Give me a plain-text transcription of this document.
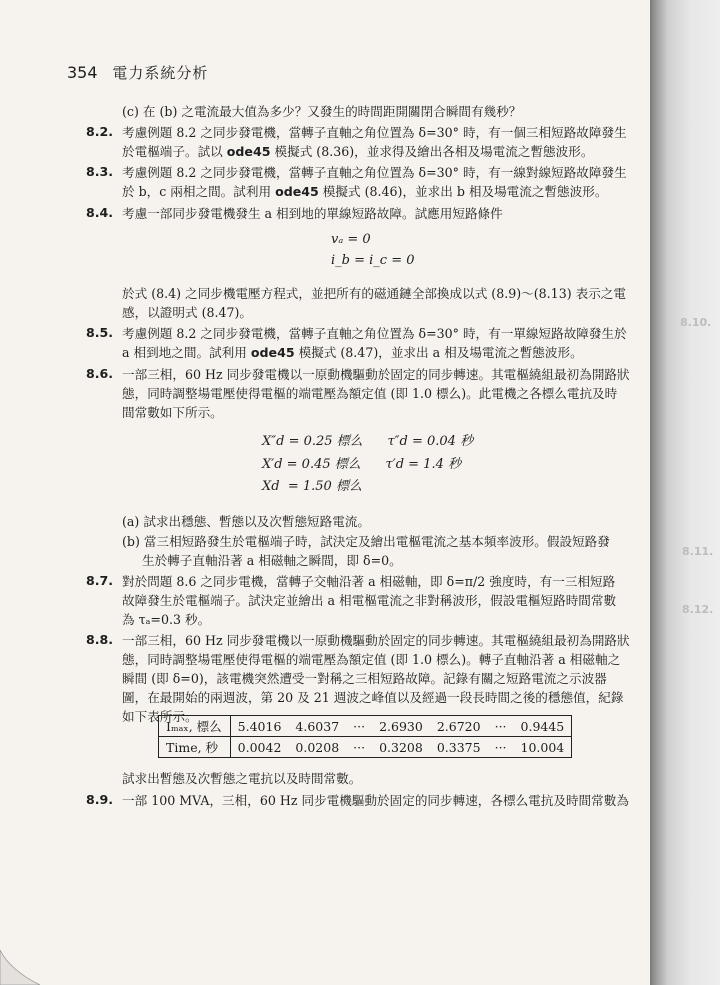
8.10.
8.11.
8.12.
354 電力系統分析
(c) 在 (b) 之電流最大值為多少？又發生的時間距開關閉合瞬間有幾秒？
8.2. 考慮例題 8.2 之同步發電機，當轉子直軸之角位置為 δ=30° 時，有一個三相短路故障發生
於電樞端子。試以 ode45 模擬式 (8.36)，並求得及繪出各相及場電流之暫態波形。
8.3. 考慮例題 8.2 之同步發電機，當轉子直軸之角位置為 δ=30° 時，有一線對線短路故障發生
於 b，c 兩相之間。試利用 ode45 模擬式 (8.46)，並求出 b 相及場電流之暫態波形。
8.4. 考慮一部同步發電機發生 a 相到地的單線短路故障。試應用短路條件
vₐ = 0
i_b = i_c = 0
於式 (8.4) 之同步機電壓方程式，並把所有的磁通鏈全部換成以式 (8.9)～(8.13) 表示之電
感，以證明式 (8.47)。
8.5. 考慮例題 8.2 之同步發電機，當轉子直軸之角位置為 δ=30° 時，有一單線短路故障發生於
a 相到地之間。試利用 ode45 模擬式 (8.47)，並求出 a 相及場電流之暫態波形。
8.6. 一部三相，60 Hz 同步發電機以一原動機驅動於固定的同步轉速。其電樞繞組最初為開路狀
態，同時調整場電壓使得電樞的端電壓為額定值 (即 1.0 標么)。此電機之各標么電抗及時
間常數如下所示。
X″d = 0.25 標么      τ″d = 0.04 秒
X′d = 0.45 標么      τ′d = 1.4 秒
Xd  = 1.50 標么
(a) 試求出穩態、暫態以及次暫態短路電流。
(b) 當三相短路發生於電樞端子時，試決定及繪出電樞電流之基本頻率波形。假設短路發
生於轉子直軸沿著 a 相磁軸之瞬間，即 δ=0。
8.7. 對於問題 8.6 之同步電機，當轉子交軸沿著 a 相磁軸，即 δ=π/2 強度時，有一三相短路
故障發生於電樞端子。試決定並繪出 a 相電樞電流之非對稱波形，假設電樞短路時間常數
為 τₐ=0.3 秒。
8.8. 一部三相，60 Hz 同步發電機以一原動機驅動於固定的同步轉速。其電樞繞組最初為開路狀
態，同時調整場電壓使得電樞的端電壓為額定值 (即 1.0 標么)。轉子直軸沿著 a 相磁軸之
瞬間 (即 δ=0)，該電機突然遭受一對稱之三相短路故障。記錄有關之短路電流之示波器
圖，在最開始的兩週波，第 20 及 21 週波之峰值以及經過一段長時間之後的穩態值，紀錄
如下表所示。
Iₘₐₓ, 標么	5.4016	4.6037	···	2.6930	2.6720	···	0.9445
Time, 秒	0.0042	0.0208	···	0.3208	0.3375	···	10.004
試求出暫態及次暫態之電抗以及時間常數。
8.9. 一部 100 MVA，三相，60 Hz 同步電機驅動於固定的同步轉速，各標么電抗及時間常數為
